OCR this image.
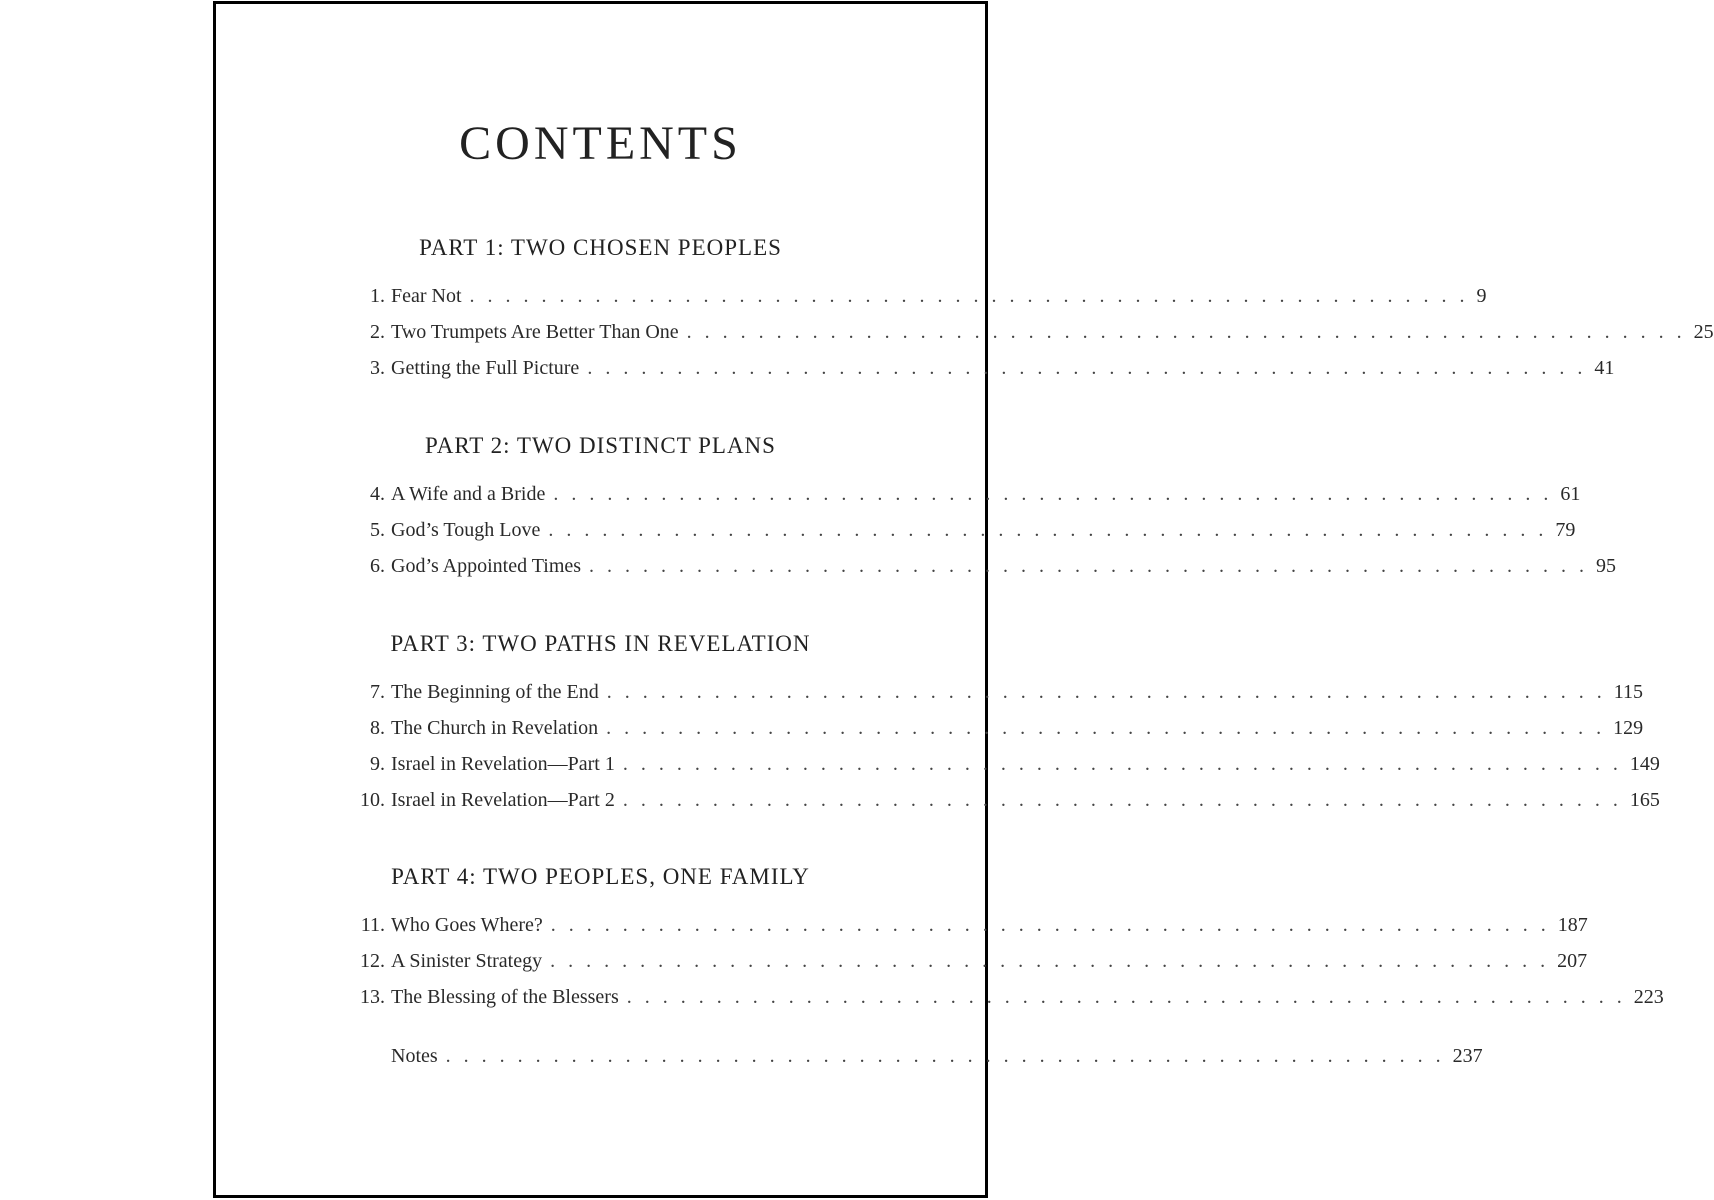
CONTENTS
PART 1: TWO CHOSEN PEOPLES
1. Fear Not . . . . . . . . . . . . . . . . . . . . . . . . . . . . . . . . . . . . . . . . . . . . . . . . . . . . . . . . 9
2. Two Trumpets Are Better Than One . . . . . . . . . . . . . . . . . . . . . . . . . . . . . . . . . . . . . . . . . . . . . . . . . . . . . . . . 25
3. Getting the Full Picture . . . . . . . . . . . . . . . . . . . . . . . . . . . . . . . . . . . . . . . . . . . . . . . . . . . . . . . . 41
PART 2: TWO DISTINCT PLANS
4. A Wife and a Bride . . . . . . . . . . . . . . . . . . . . . . . . . . . . . . . . . . . . . . . . . . . . . . . . . . . . . . . . 61
5. God’s Tough Love . . . . . . . . . . . . . . . . . . . . . . . . . . . . . . . . . . . . . . . . . . . . . . . . . . . . . . . . 79
6. God’s Appointed Times . . . . . . . . . . . . . . . . . . . . . . . . . . . . . . . . . . . . . . . . . . . . . . . . . . . . . . . . 95
PART 3: TWO PATHS IN REVELATION
7. The Beginning of the End . . . . . . . . . . . . . . . . . . . . . . . . . . . . . . . . . . . . . . . . . . . . . . . . . . . . . . . . 115
8. The Church in Revelation . . . . . . . . . . . . . . . . . . . . . . . . . . . . . . . . . . . . . . . . . . . . . . . . . . . . . . . . 129
9. Israel in Revelation—Part 1 . . . . . . . . . . . . . . . . . . . . . . . . . . . . . . . . . . . . . . . . . . . . . . . . . . . . . . . . 149
10. Israel in Revelation—Part 2 . . . . . . . . . . . . . . . . . . . . . . . . . . . . . . . . . . . . . . . . . . . . . . . . . . . . . . . . 165
PART 4: TWO PEOPLES, ONE FAMILY
11. Who Goes Where? . . . . . . . . . . . . . . . . . . . . . . . . . . . . . . . . . . . . . . . . . . . . . . . . . . . . . . . . 187
12. A Sinister Strategy . . . . . . . . . . . . . . . . . . . . . . . . . . . . . . . . . . . . . . . . . . . . . . . . . . . . . . . . 207
13. The Blessing of the Blessers . . . . . . . . . . . . . . . . . . . . . . . . . . . . . . . . . . . . . . . . . . . . . . . . . . . . . . . . 223
Notes . . . . . . . . . . . . . . . . . . . . . . . . . . . . . . . . . . . . . . . . . . . . . . . . . . . . . . . . 237
